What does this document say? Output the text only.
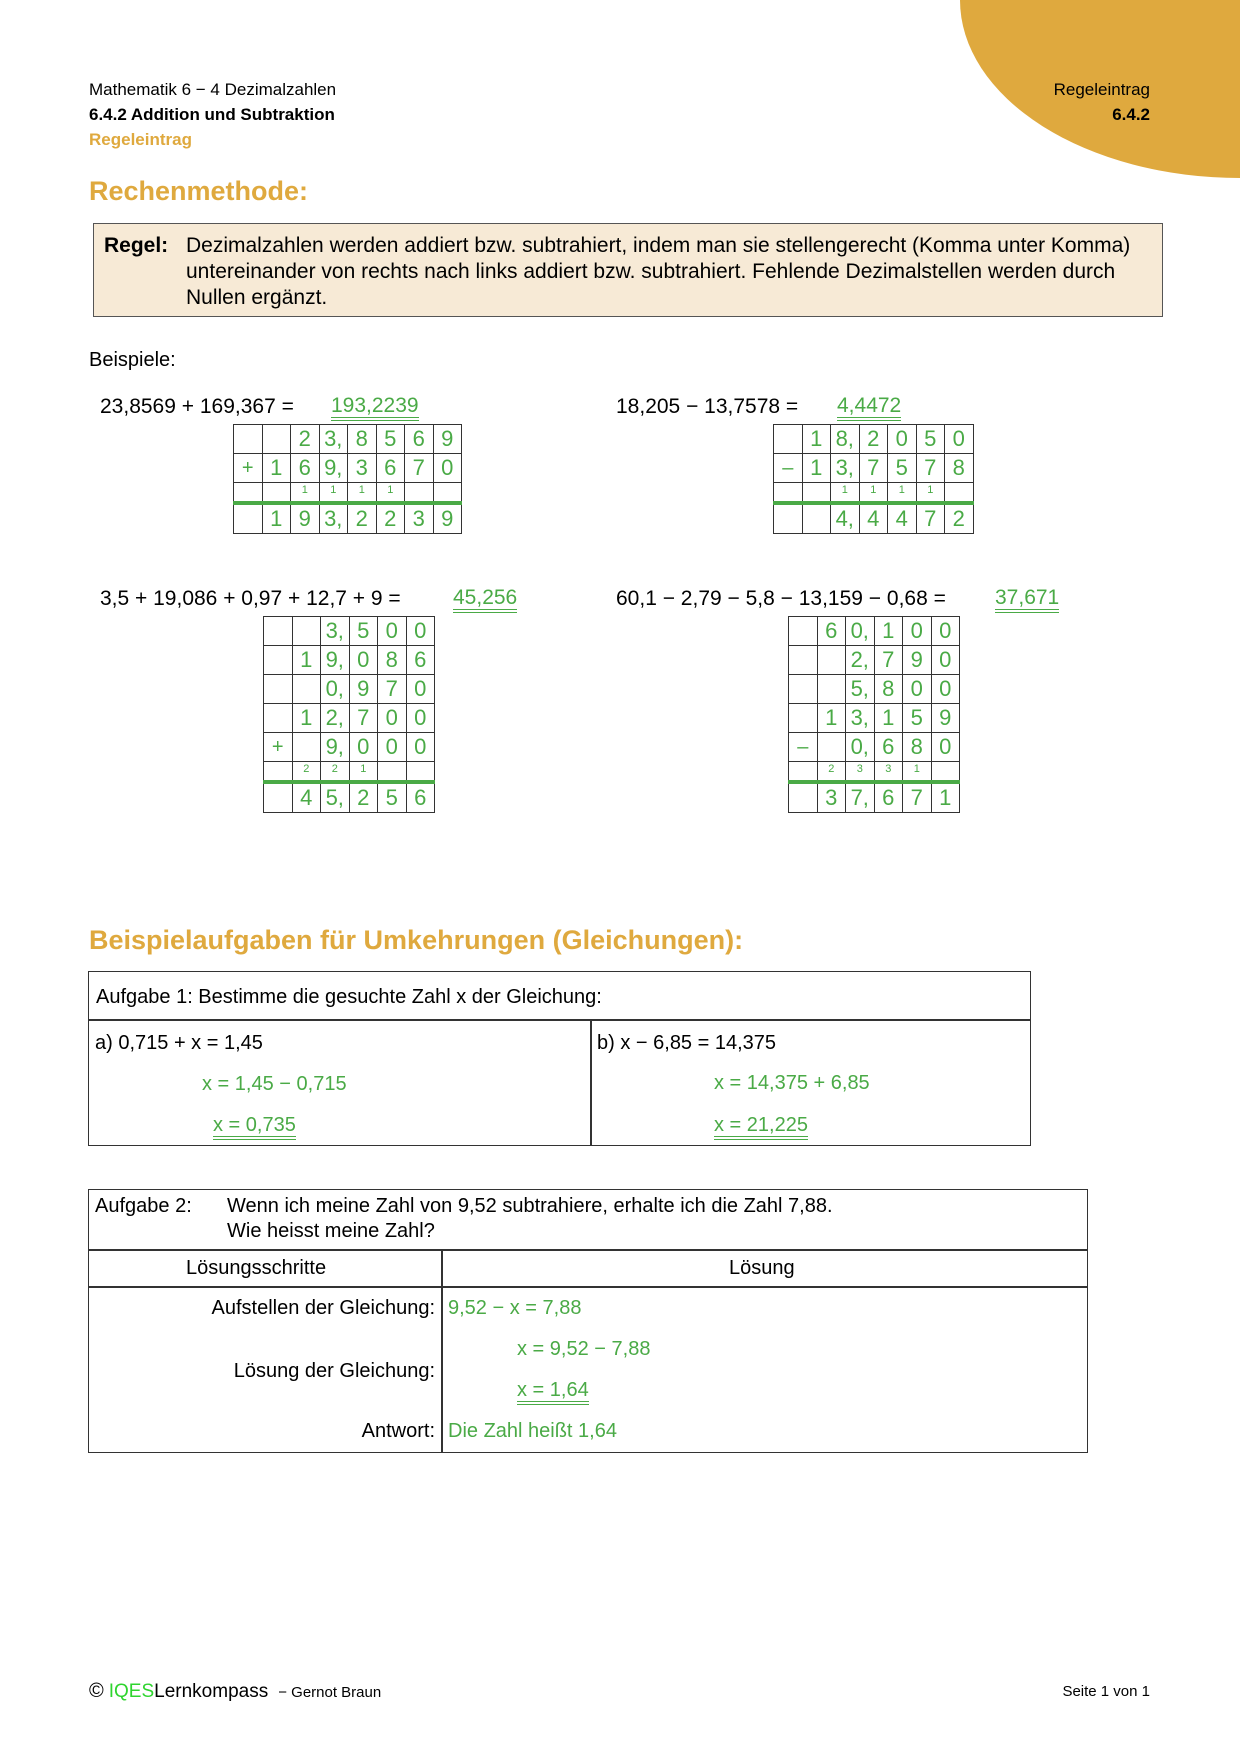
Mathematik 6 − 4 Dezimalzahlen
6.4.2 Addition und Subtraktion
Regeleintrag
Regeleintrag
6.4.2
Rechenmethode:
Regel: Dezimalzahlen werden addiert bzw. subtrahiert, indem man sie stellengerecht (Komma unter Komma) untereinander von rechts nach links addiert bzw. subtrahiert. Fehlende Dezimalstellen werden durch Nullen ergänzt.
Beispiele:
23,8569 + 169,367 = 193,2239
		2	3,	8	5	6	9
+	1	6	9,	3	6	7	0
		1	1	1	1		
	1	9	3,	2	2	3	9
18,205 − 13,7578 = 4,4472
	1	8,	2	0	5	0
–	1	3,	7	5	7	8
		1	1	1	1	
		4,	4	4	7	2
3,5 + 19,086 + 0,97 + 12,7 + 9 = 45,256
		3,	5	0	0
	1	9,	0	8	6
		0,	9	7	0
	1	2,	7	0	0
+		9,	0	0	0
	2	2	1		
	4	5,	2	5	6
60,1 − 2,79 − 5,8 − 13,159 − 0,68 = 37,671
	6	0,	1	0	0
		2,	7	9	0
		5,	8	0	0
	1	3,	1	5	9
–		0,	6	8	0
	2	3	3	1	
	3	7,	6	7	1
Beispielaufgaben für Umkehrungen (Gleichungen):
Aufgabe 1: Bestimme die gesuchte Zahl x der Gleichung:
a) 0,715 + x = 1,45
x = 1,45 − 0,715
x = 0,735
b) x − 6,85 = 14,375
x = 14,375 + 6,85
x = 21,225
Aufgabe 2: Wenn ich meine Zahl von 9,52 subtrahiere, erhalte ich die Zahl 7,88.
Wie heisst meine Zahl?
Lösungsschritte	Lösung
Aufstellen der Gleichung: 9,52 − x = 7,88
Lösung der Gleichung:
x = 9,52 − 7,88
x = 1,64
Antwort: Die Zahl heißt 1,64
© IQESLernkompass − Gernot Braun	Seite 1 von 1
